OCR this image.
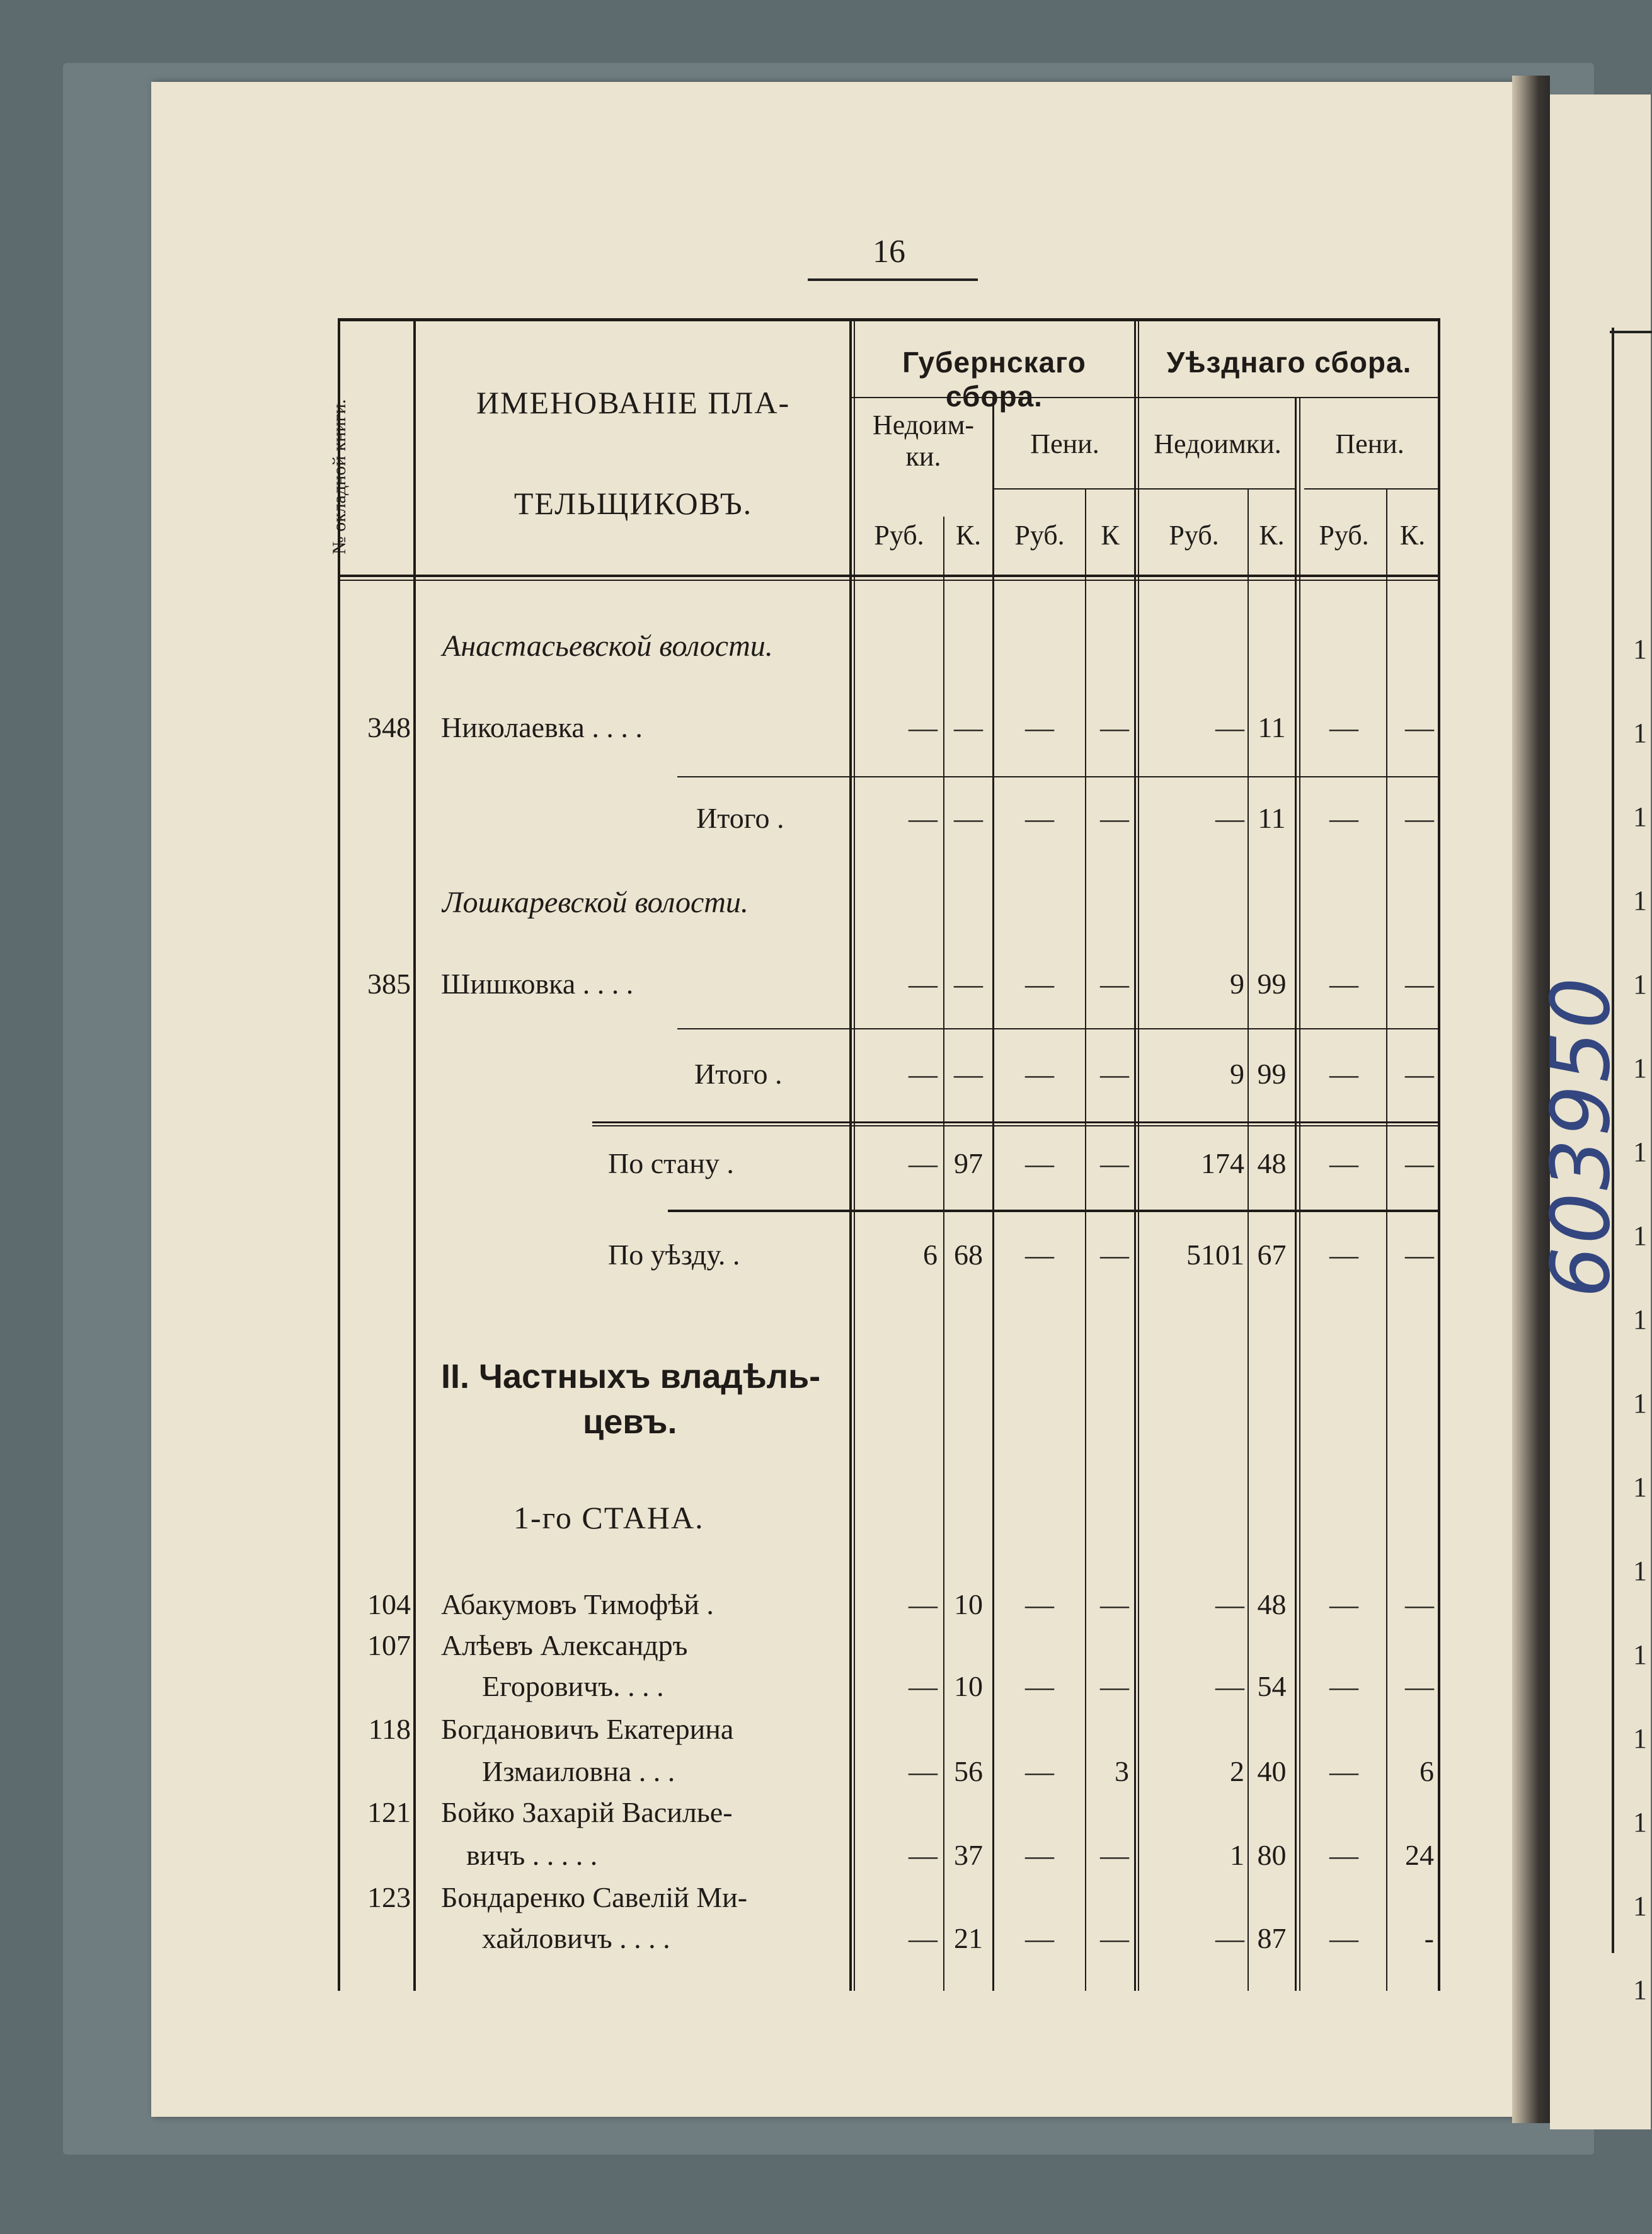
1
1
1
1
1
1
1
1
1
1
1
1
1
1
1
1
1
16
№ окладной книги.	ИМЕНОВАНІЕ ПЛА-
ТЕЛЬЩИКОВЪ.
Губернскаго сбора.
Уѣзднаго сбора.
Недоим-
ки.	Пени.	Недоимки.	Пени.
Руб.	К.	Руб.	К	Руб.	К.	Руб.	К.
Анастасьевской волости.
Лошкаревской волости.
II. Частныхъ владѣль-
цевъ.
1-го СТАНА.
348 Николаевка . . . .	— —	—	—	— 11	—	—
Итого .	— —	—	—	— 11	—	—
385 Шишковка . . . .	— —	—	—	9 99	—	—
Итого .	— —	—	—	9 99	—	—
По стану .	— 97	—	—	174 48	—	—
По уѣзду. .	6 68	—	—	5101 67	—	—
104 Абакумовъ Тимофѣй .	— 10	—	—	— 48	—	—
107 Алѣевъ Александръ
Егоровичъ. . . .	— 10	—	—	— 54	—	—
118 Богдановичъ Екатерина
Измаиловна . . .	— 56	—	3	2 40	—	6
121 Бойко Захарій Василье-
вичъ . . . . .	— 37	—	—	1 80	—	24
123 Бондаренко Савелій Ми-
хайловичъ . . . .	— 21	—	—	— 87	—	-
603950
